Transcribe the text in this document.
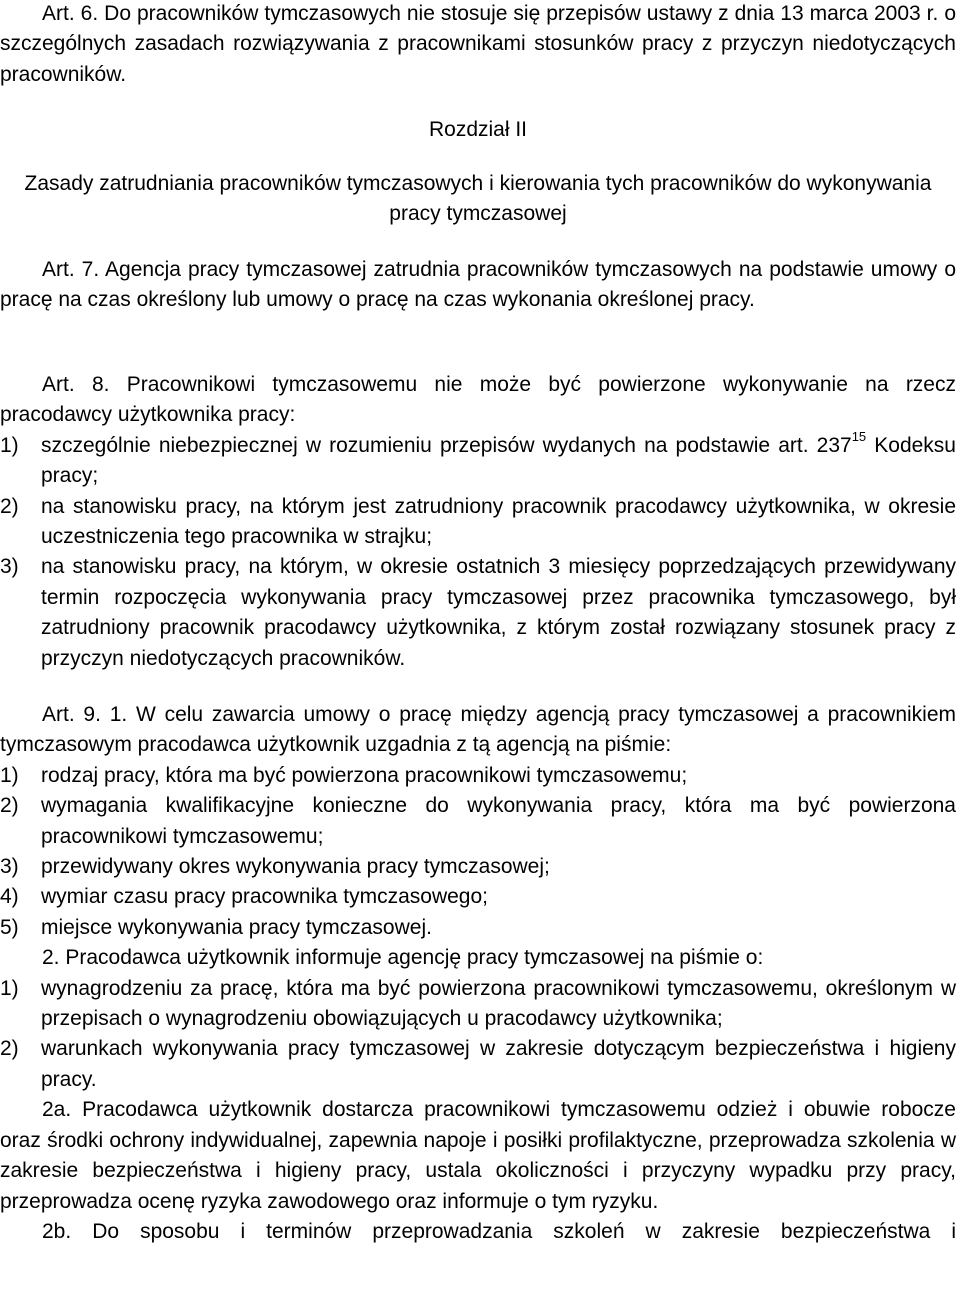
Art. 6. Do pracowników tymczasowych nie stosuje się przepisów ustawy z dnia 13 marca 2003 r. o szczególnych zasadach rozwiązywania z pracownikami stosunków pracy z przyczyn niedotyczących pracowników.

Rozdział II

Zasady zatrudniania pracowników tymczasowych i kierowania tych pracowników do wykonywania pracy tymczasowej

Art. 7. Agencja pracy tymczasowej zatrudnia pracowników tymczasowych na podstawie umowy o pracę na czas określony lub umowy o pracę na czas wykonania określonej pracy.

Art. 8. Pracownikowi tymczasowemu nie może być powierzone wykonywanie na rzecz pracodawcy użytkownika pracy:

1) szczególnie niebezpiecznej w rozumieniu przepisów wydanych na podstawie art. $237^{15}$ Kodeksu pracy;
2) na stanowisku pracy, na którym jest zatrudniony pracownik pracodawcy użytkownika, w okresie uczestniczenia tego pracownika w strajku;
3) na stanowisku pracy, na którym, w okresie ostatnich 3 miesięcy poprzedzających przewidywany termin rozpoczęcia wykonywania pracy tymczasowej przez pracownika tymczasowego, był zatrudniony pracownik pracodawcy użytkownika, z którym został rozwiązany stosunek pracy z przyczyn niedotyczących pracowników.

Art. 9. 1. W celu zawarcia umowy o pracę między agencją pracy tymczasowej a pracownikiem tymczasowym pracodawca użytkownik uzgadnia z tą agencją na piśmie:

1) rodzaj pracy, która ma być powierzona pracownikowi tymczasowemu;
2) wymagania kwalifikacyjne konieczne do wykonywania pracy, która ma być powierzona pracownikowi tymczasowemu;
3) przewidywany okres wykonywania pracy tymczasowej;
4) wymiar czasu pracy pracownika tymczasowego;
5) miejsce wykonywania pracy tymczasowej.

2. Pracodawca użytkownik informuje agencję pracy tymczasowej na piśmie o:

1) wynagrodzeniu za pracę, która ma być powierzona pracownikowi tymczasowemu, określonym w przepisach o wynagrodzeniu obowiązujących u pracodawcy użytkownika;
2) warunkach wykonywania pracy tymczasowej w zakresie dotyczącym bezpieczeństwa i higieny pracy.

2a. Pracodawca użytkownik dostarcza pracownikowi tymczasowemu odzież i obuwie robocze oraz środki ochrony indywidualnej, zapewnia napoje i posiłki profilaktyczne, przeprowadza szkolenia w zakresie bezpieczeństwa i higieny pracy, ustala okoliczności i przyczyny wypadku przy pracy, przeprowadza ocenę ryzyka zawodowego oraz informuje o tym ryzyku.

2b. Do sposobu i terminów przeprowadzania szkoleń w zakresie bezpieczeństwa i
